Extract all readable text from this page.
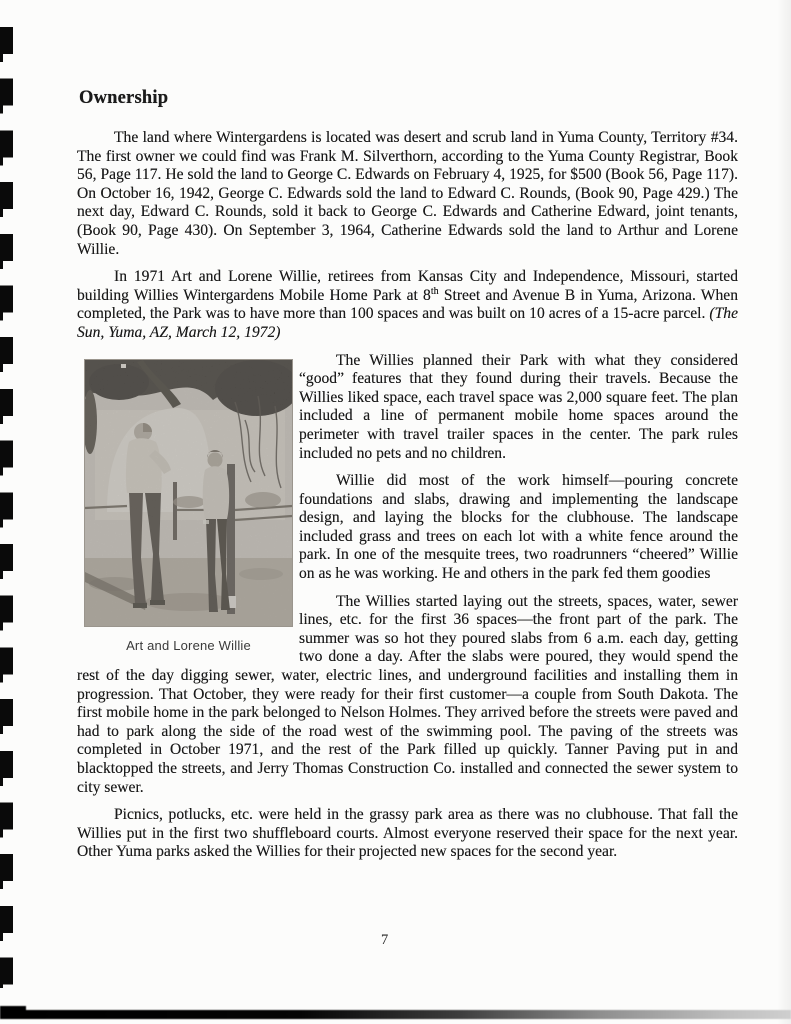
Ownership

The land where Wintergardens is located was desert and scrub land in Yuma County, Territory #34. The first owner we could find was Frank M. Silverthorn, according to the Yuma County Registrar, Book 56, Page 117. He sold the land to George C. Edwards on February 4, 1925, for $500 (Book 56, Page 117). On October 16, 1942, George C. Edwards sold the land to Edward C. Rounds, (Book 90, Page 429.) The next day, Edward C. Rounds, sold it back to George C. Edwards and Catherine Edward, joint tenants, (Book 90, Page 430). On September 3, 1964, Catherine Edwards sold the land to Arthur and Lorene Willie.

In 1971 Art and Lorene Willie, retirees from Kansas City and Independence, Missouri, started building Willies Wintergardens Mobile Home Park at 8th Street and Avenue B in Yuma, Arizona. When completed, the Park was to have more than 100 spaces and was built on 10 acres of a 15-acre parcel. (The Sun, Yuma, AZ, March 12, 1972)

Art and Lorene Willie

The Willies planned their Park with what they considered “good” features that they found during their travels. Because the Willies liked space, each travel space was 2,000 square feet. The plan included a line of permanent mobile home spaces around the perimeter with travel trailer spaces in the center. The park rules included no pets and no children.

Willie did most of the work himself—pouring concrete foundations and slabs, drawing and implementing the landscape design, and laying the blocks for the clubhouse. The landscape included grass and trees on each lot with a white fence around the park. In one of the mesquite trees, two roadrunners “cheered” Willie on as he was working. He and others in the park fed them goodies

The Willies started laying out the streets, spaces, water, sewer lines, etc. for the first 36 spaces—the front part of the park. The summer was so hot they poured slabs from 6 a.m. each day, getting two done a day. After the slabs were poured, they would spend the rest of the day digging sewer, water, electric lines, and underground facilities and installing them in progression. That October, they were ready for their first customer—a couple from South Dakota. The first mobile home in the park belonged to Nelson Holmes. They arrived before the streets were paved and had to park along the side of the road west of the swimming pool. The paving of the streets was completed in October 1971, and the rest of the Park filled up quickly. Tanner Paving put in and blacktopped the streets, and Jerry Thomas Construction Co. installed and connected the sewer system to city sewer.

Picnics, potlucks, etc. were held in the grassy park area as there was no clubhouse. That fall the Willies put in the first two shuffleboard courts. Almost everyone reserved their space for the next year. Other Yuma parks asked the Willies for their projected new spaces for the second year.

7
